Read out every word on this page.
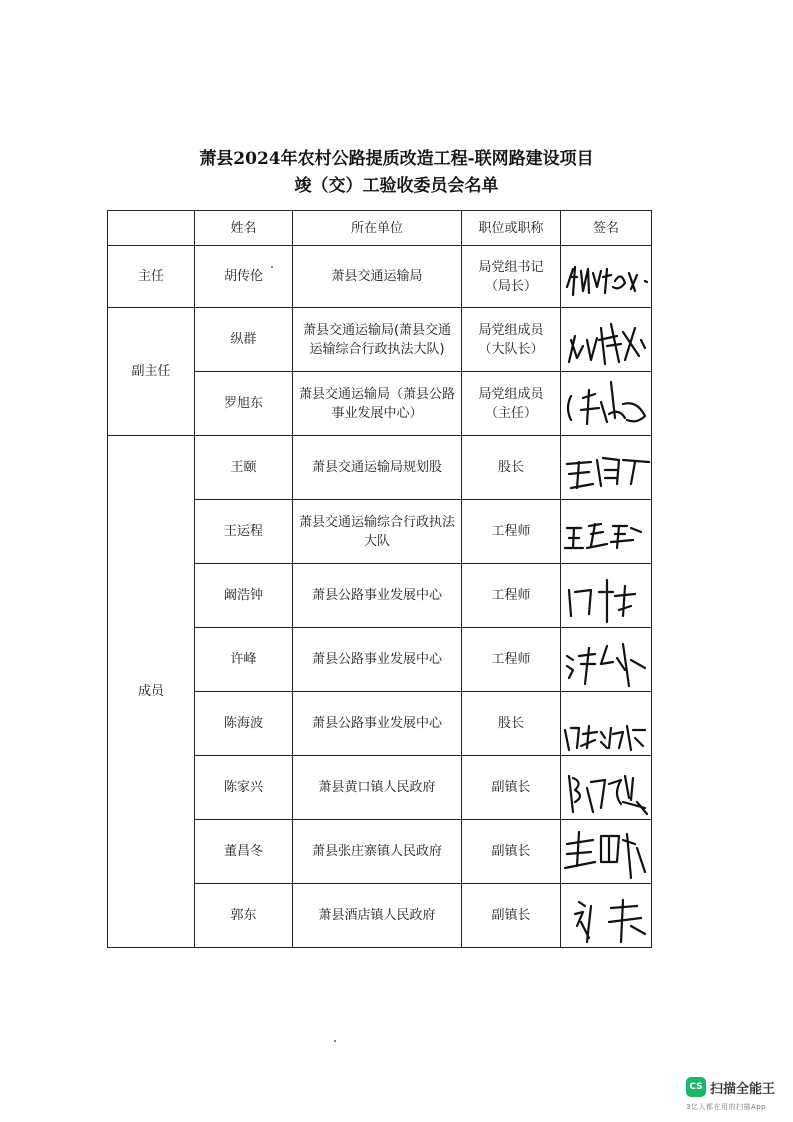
萧县2024年农村公路提质改造工程-联网路建设项目
竣（交）工验收委员会名单
	姓名	所在单位	职位或职称	签名
主任	胡传伦	萧县交通运输局	局党组书记（局长）	

副主任	纵群	萧县交通运输局(萧县交通运输综合行政执法大队)	局党组成员（大队长）	

	罗旭东	萧县交通运输局（萧县公路事业发展中心）	局党组成员（主任）	

成员	王颐	萧县交通运输局规划股	股长	

	王运程	萧县交通运输综合行政执法大队	工程师	

	阚浩钟	萧县公路事业发展中心	工程师	

	许峰	萧县公路事业发展中心	工程师	

	陈海波	萧县公路事业发展中心	股长	

	陈家兴	萧县黄口镇人民政府	副镇长	

	董昌冬	萧县张庄寨镇人民政府	副镇长	

	郭东	萧县酒店镇人民政府	副镇长	
CS 扫描全能王
3亿人都在用的扫描App
